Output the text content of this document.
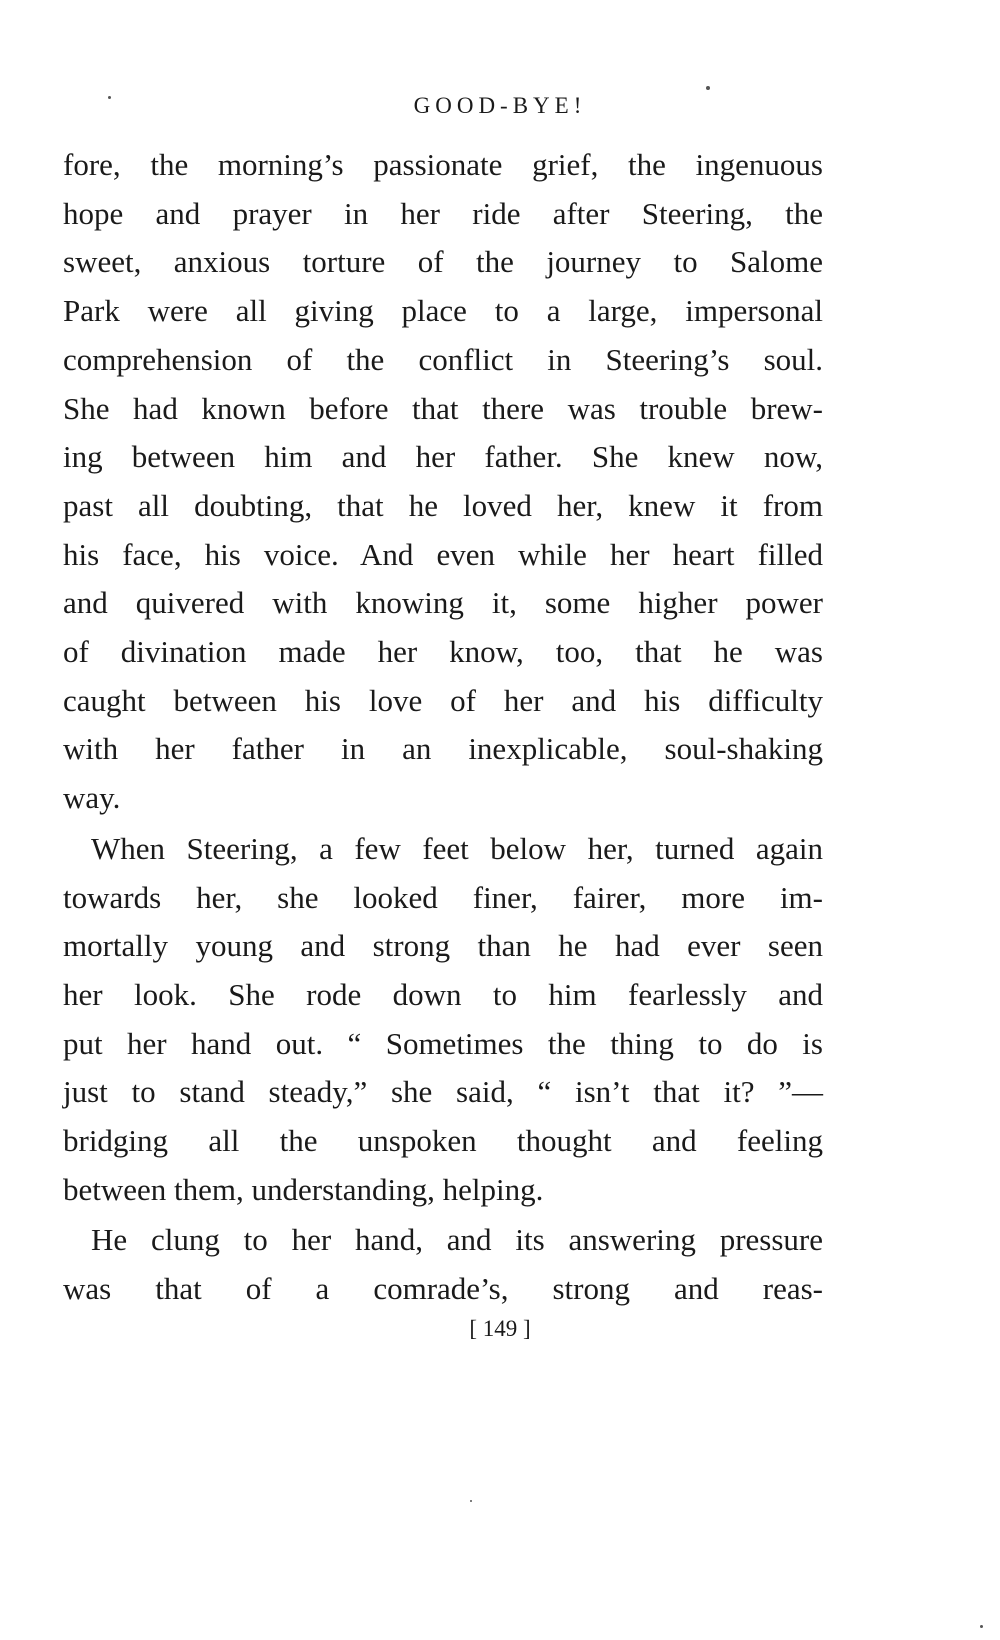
GOOD-BYE!
fore, the morning’s passionate grief, the ingenuous
hope and prayer in her ride after Steering, the
sweet, anxious torture of the journey to Salome
Park were all giving place to a large, impersonal
comprehension of the conflict in Steering’s soul.
She had known before that there was trouble brew-
ing between him and her father. She knew now,
past all doubting, that he loved her, knew it from
his face, his voice. And even while her heart filled
and quivered with knowing it, some higher power
of divination made her know, too, that he was
caught between his love of her and his difficulty
with her father in an inexplicable, soul-shaking
way.
When Steering, a few feet below her, turned again
towards her, she looked finer, fairer, more im-
mortally young and strong than he had ever seen
her look. She rode down to him fearlessly and
put her hand out. “ Sometimes the thing to do is
just to stand steady,” she said, “ isn’t that it? ”—
bridging all the unspoken thought and feeling
between them, understanding, helping.
He clung to her hand, and its answering pressure
was that of a comrade’s, strong and reas-
[ 149 ]
